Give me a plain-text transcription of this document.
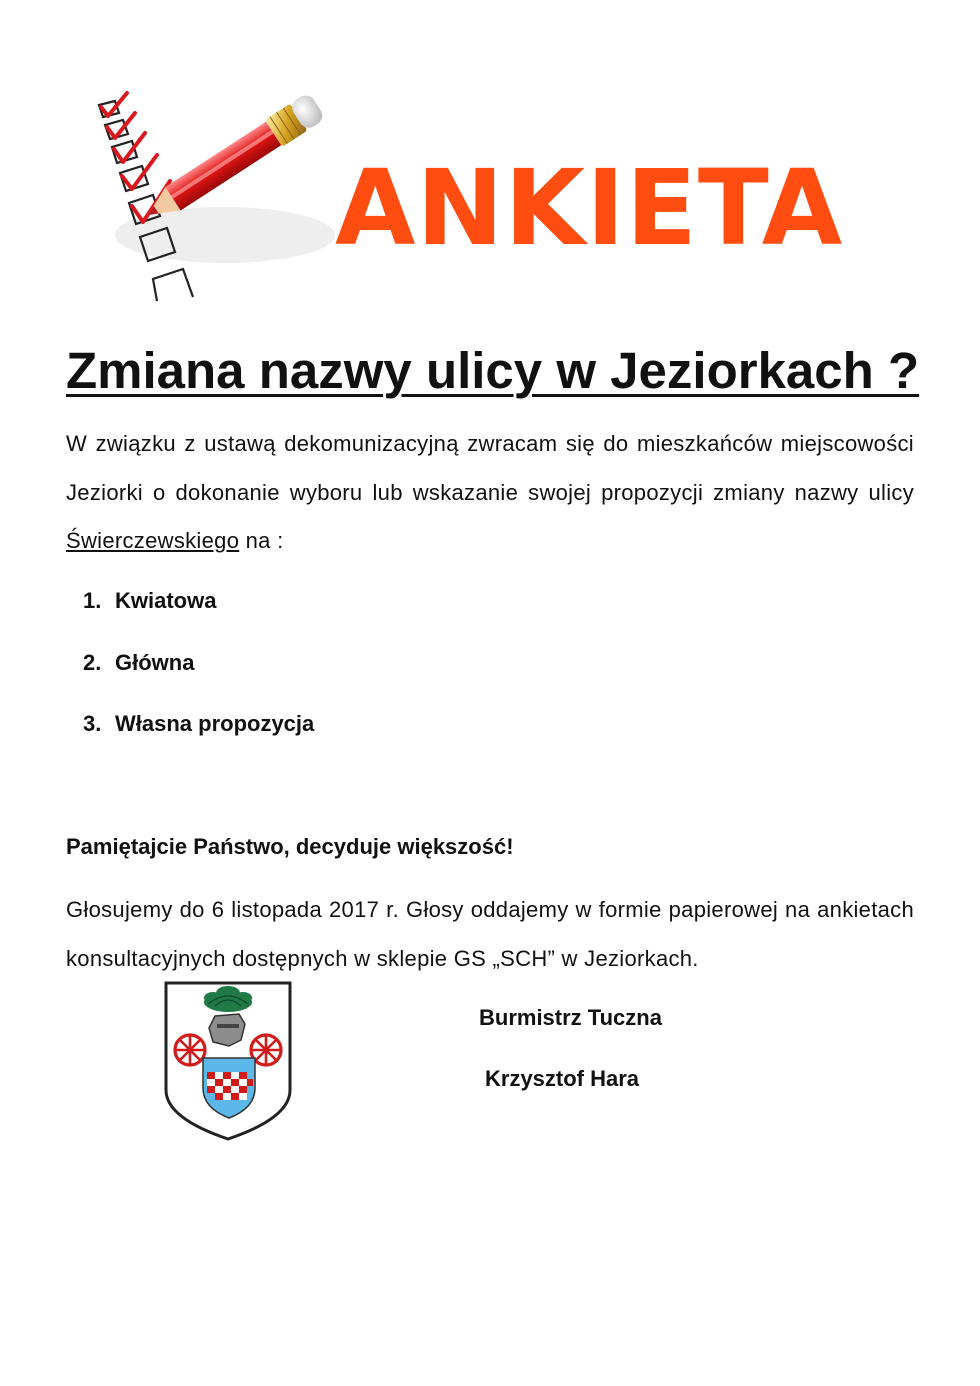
ANKIETA
Zmiana nazwy ulicy w Jeziorkach ?
W związku z ustawą dekomunizacyjną zwracam się do mieszkańców miejscowości Jeziorki o dokonanie wyboru lub wskazanie swojej propozycji zmiany nazwy ulicy Świerczewskiego na :
1. Kwiatowa
2. Główna
3. Własna propozycja
Pamiętajcie Państwo, decyduje większość!
Głosujemy do 6 listopada 2017 r. Głosy oddajemy w formie papierowej na ankietach konsultacyjnych dostępnych w sklepie GS „SCH” w Jeziorkach.
Burmistrz Tuczna
Krzysztof Hara
